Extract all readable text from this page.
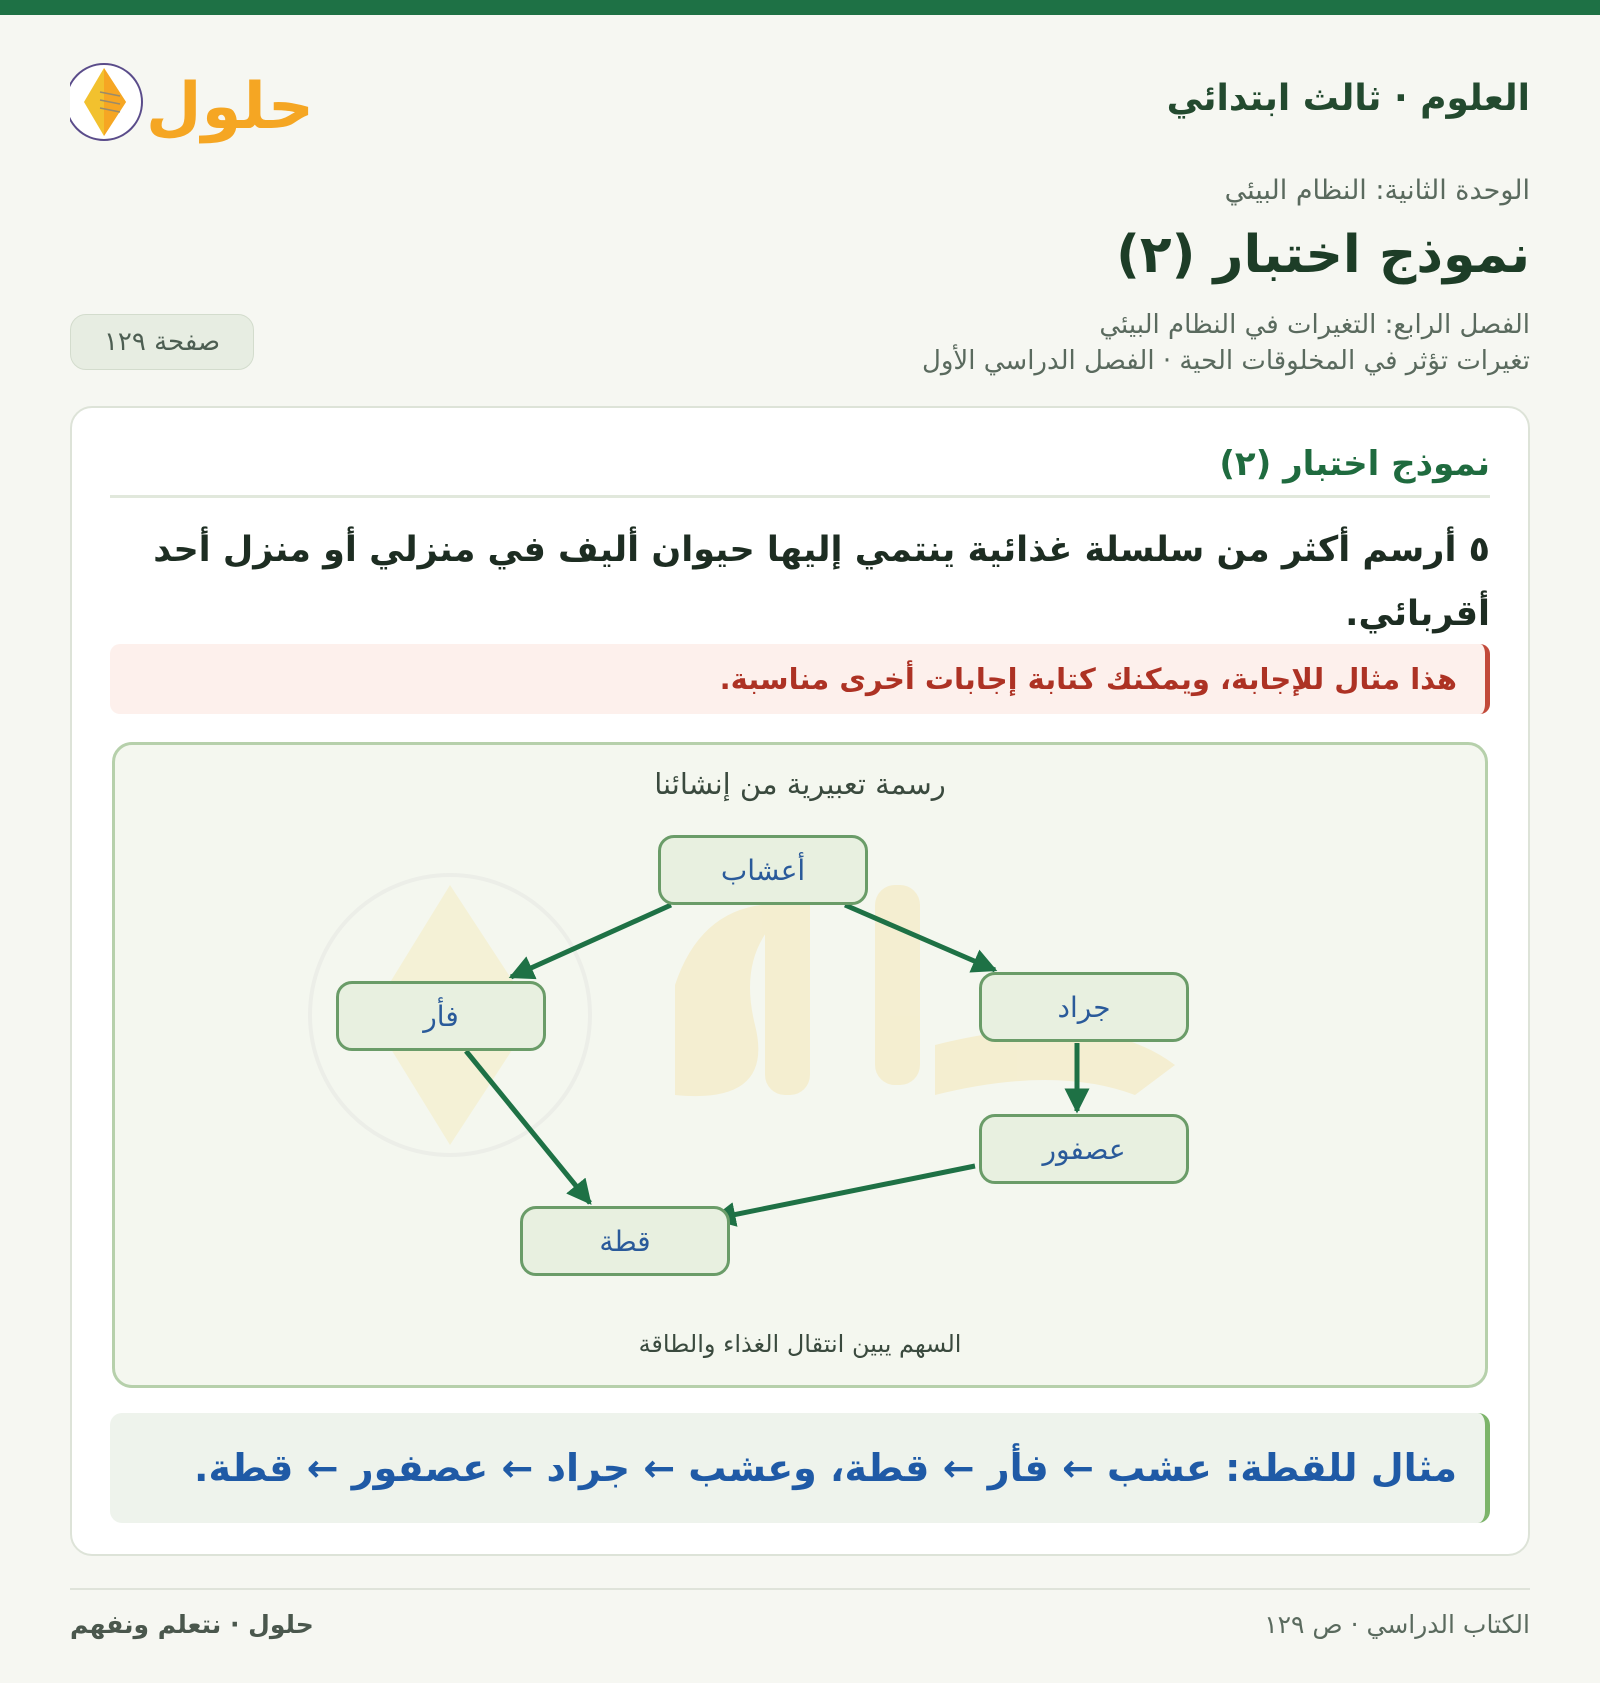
العلوم · ثالث ابتدائي
حلول
الوحدة الثانية: النظام البيئي
نموذج اختبار (٢)
الفصل الرابع: التغيرات في النظام البيئي
تغيرات تؤثر في المخلوقات الحية · الفصل الدراسي الأول
صفحة ١٢٩
نموذج اختبار (٢)
٥ أرسم أكثر من سلسلة غذائية ينتمي إليها حيوان أليف في منزلي أو منزل أحد أقربائي.
هذا مثال للإجابة، ويمكنك كتابة إجابات أخرى مناسبة.
رسمة تعبيرية من إنشائنا
أعشاب
فأر	جراد
عصفور
قطة
السهم يبين انتقال الغذاء والطاقة
مثال للقطة: عشب ← فأر ← قطة، وعشب ← جراد ← عصفور ← قطة.
الكتاب الدراسي · ص ١٢٩
حلول · نتعلم ونفهم
